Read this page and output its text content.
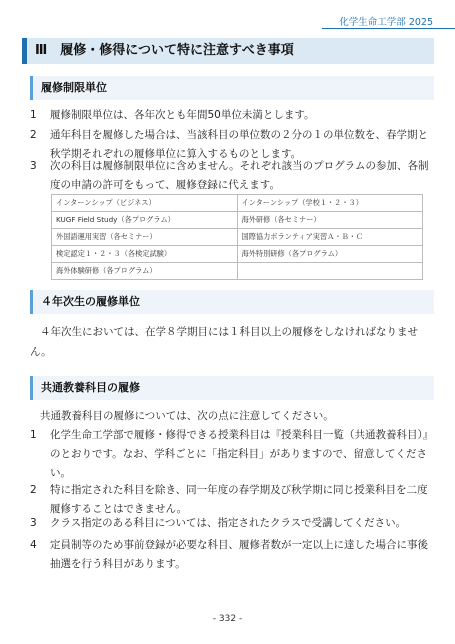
化学生命工学部 2025
Ⅲ　履修・修得について特に注意すべき事項
履修制限単位
1	履修制限単位は、各年次とも年間50単位未満とします。
2	通年科目を履修した場合は、当該科目の単位数の２分の１の単位数を、春学期と秋学期それぞれの履修単位に算入するものとします。
3	次の科目は履修制限単位に含めません。それぞれ該当のプログラムの参加、各制度の申請の許可をもって、履修登録に代えます。
インターンシップ（ビジネス）	インターンシップ（学校１・２・３）
KUGF Field Study（各プログラム）	海外研修（各セミナー）
外国語運用実習（各セミナー）	国際協力ボランティア実習Ａ・Ｂ・Ｃ
検定認定１・２・３（各検定試験）	海外特別研修（各プログラム）
海外体験研修（各プログラム）	
４年次生の履修単位
４年次生においては、在学８学期目には１科目以上の履修をしなければなりません。
共通教養科目の履修
共通教養科目の履修については、次の点に注意してください。
1	化学生命工学部で履修・修得できる授業科目は『授業科目一覧（共通教養科目）』のとおりです。なお、学科ごとに「指定科目」がありますので、留意してください。
2	特に指定された科目を除き、同一年度の春学期及び秋学期に同じ授業科目を二度履修することはできません。
3	クラス指定のある科目については、指定されたクラスで受講してください。
4	定員制等のため事前登録が必要な科目、履修者数が一定以上に達した場合に事後抽選を行う科目があります。
- 332 -
